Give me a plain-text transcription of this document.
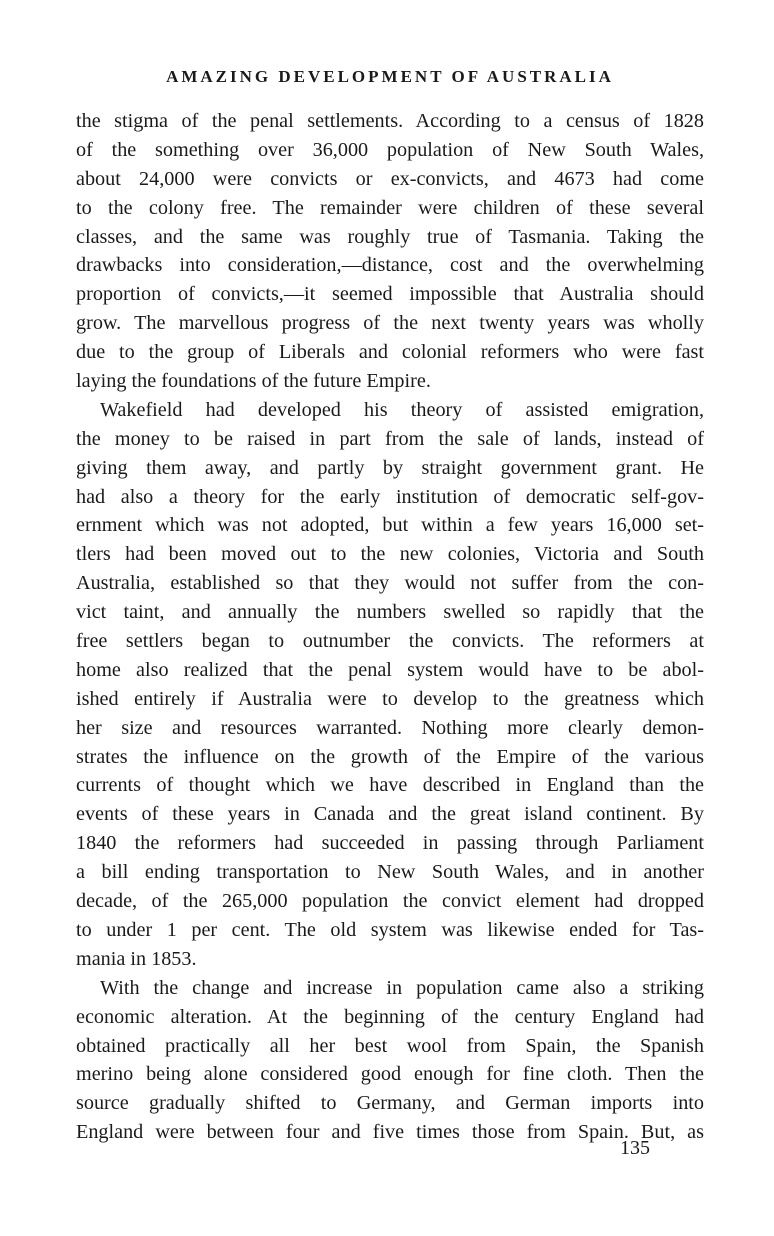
AMAZING DEVELOPMENT OF AUSTRALIA
the stigma of the penal settlements. According to a census of 1828
of the something over 36,000 population of New South Wales,
about 24,000 were convicts or ex-convicts, and 4673 had come
to the colony free. The remainder were children of these several
classes, and the same was roughly true of Tasmania. Taking the
drawbacks into consideration,—distance, cost and the overwhelming
proportion of convicts,—it seemed impossible that Australia should
grow. The marvellous progress of the next twenty years was wholly
due to the group of Liberals and colonial reformers who were fast
laying the foundations of the future Empire.
Wakefield had developed his theory of assisted emigration,
the money to be raised in part from the sale of lands, instead of
giving them away, and partly by straight government grant. He
had also a theory for the early institution of democratic self-gov-
ernment which was not adopted, but within a few years 16,000 set-
tlers had been moved out to the new colonies, Victoria and South
Australia, established so that they would not suffer from the con-
vict taint, and annually the numbers swelled so rapidly that the
free settlers began to outnumber the convicts. The reformers at
home also realized that the penal system would have to be abol-
ished entirely if Australia were to develop to the greatness which
her size and resources warranted. Nothing more clearly demon-
strates the influence on the growth of the Empire of the various
currents of thought which we have described in England than the
events of these years in Canada and the great island continent. By
1840 the reformers had succeeded in passing through Parliament
a bill ending transportation to New South Wales, and in another
decade, of the 265,000 population the convict element had dropped
to under 1 per cent. The old system was likewise ended for Tas-
mania in 1853.
With the change and increase in population came also a striking
economic alteration. At the beginning of the century England had
obtained practically all her best wool from Spain, the Spanish
merino being alone considered good enough for fine cloth. Then the
source gradually shifted to Germany, and German imports into
England were between four and five times those from Spain. But, as
135
